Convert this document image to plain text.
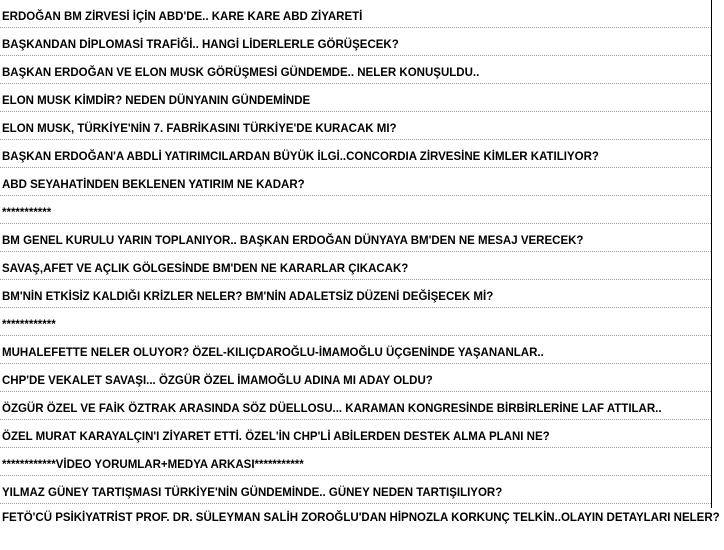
ERDOĞAN BM ZİRVESİ İÇİN ABD'DE.. KARE KARE ABD ZİYARETİ
BAŞKANDAN DİPLOMASİ TRAFİĞİ.. HANGİ LİDERLERLE GÖRÜŞECEK?
BAŞKAN ERDOĞAN VE ELON MUSK GÖRÜŞMESİ GÜNDEMDE.. NELER KONUŞULDU..
ELON MUSK KİMDİR? NEDEN DÜNYANIN GÜNDEMİNDE
ELON MUSK, TÜRKİYE'NİN 7. FABRİKASINI TÜRKİYE'DE KURACAK MI?
BAŞKAN ERDOĞAN'A ABDLİ YATIRIMCILARDAN BÜYÜK İLGİ..CONCORDIA ZİRVESİNE KİMLER KATILIYOR?
ABD SEYAHATİNDEN BEKLENEN YATIRIM NE KADAR?
***********
BM GENEL KURULU YARIN TOPLANIYOR.. BAŞKAN ERDOĞAN DÜNYAYA BM'DEN NE MESAJ VERECEK?
SAVAŞ,AFET VE AÇLIK GÖLGESİNDE BM'DEN NE KARARLAR ÇIKACAK?
BM'NİN ETKİSİZ KALDIĞI KRİZLER NELER? BM'NİN ADALETSİZ DÜZENİ DEĞİŞECEK Mİ?
************
MUHALEFETTE NELER OLUYOR? ÖZEL-KILIÇDAROĞLU-İMAMOĞLU ÜÇGENİNDE YAŞANANLAR..
CHP'DE VEKALET SAVAŞI... ÖZGÜR ÖZEL İMAMOĞLU ADINA MI ADAY OLDU?
ÖZGÜR ÖZEL VE FAİK ÖZTRAK ARASINDA SÖZ DÜELLOSU... KARAMAN KONGRESİNDE BİRBİRLERİNE LAF ATTILAR..
ÖZEL MURAT KARAYALÇIN'I ZİYARET ETTİ. ÖZEL'İN CHP'Lİ ABİLERDEN DESTEK ALMA PLANI NE?
************VİDEO YORUMLAR+MEDYA ARKASI***********
YILMAZ GÜNEY TARTIŞMASI TÜRKİYE'NİN GÜNDEMİNDE.. GÜNEY NEDEN TARTIŞILIYOR?
FETÖ'CÜ PSİKİYATRİST PROF. DR. SÜLEYMAN SALİH ZOROĞLU'DAN HİPNOZLA KORKUNÇ TELKİN..OLAYIN DETAYLARI NELER?
